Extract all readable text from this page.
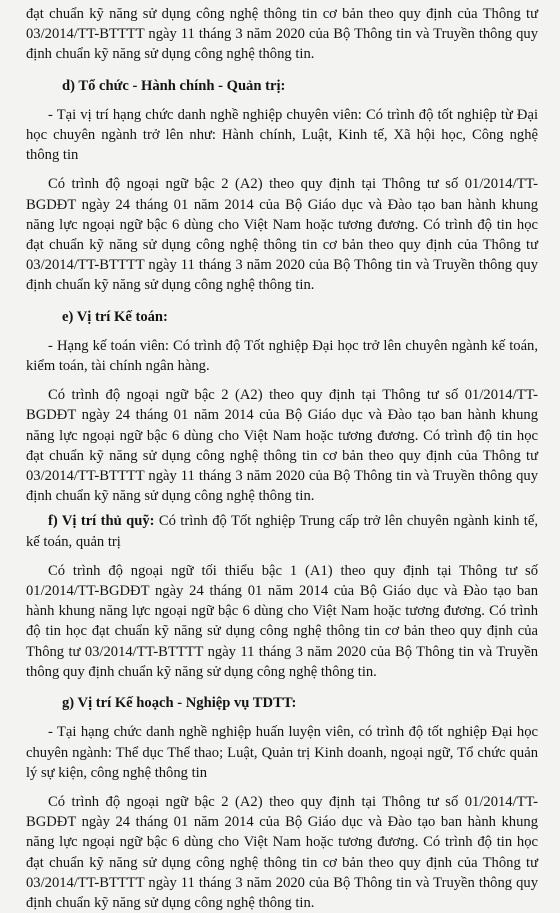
đạt chuẩn kỹ năng sử dụng công nghệ thông tin cơ bản theo quy định của Thông tư 03/2014/TT-BTTTT ngày 11 tháng 3 năm 2020 của Bộ Thông tin và Truyền thông quy định chuẩn kỹ năng sử dụng công nghệ thông tin.

d) Tổ chức - Hành chính - Quản trị:

- Tại vị trí hạng chức danh nghề nghiệp chuyên viên: Có trình độ tốt nghiệp từ Đại học chuyên ngành trở lên như: Hành chính, Luật, Kinh tế, Xã hội học, Công nghệ thông tin

Có trình độ ngoại ngữ bậc 2 (A2) theo quy định tại Thông tư số 01/2014/TT-BGDĐT ngày 24 tháng 01 năm 2014 của Bộ Giáo dục và Đào tạo ban hành khung năng lực ngoại ngữ bậc 6 dùng cho Việt Nam hoặc tương đương. Có trình độ tin học đạt chuẩn kỹ năng sử dụng công nghệ thông tin cơ bản theo quy định của Thông tư 03/2014/TT-BTTTT ngày 11 tháng 3 năm 2020 của Bộ Thông tin và Truyền thông quy định chuẩn kỹ năng sử dụng công nghệ thông tin.

e) Vị trí Kế toán:

- Hạng kế toán viên: Có trình độ Tốt nghiệp Đại học trở lên chuyên ngành kế toán, kiểm toán, tài chính ngân hàng.

Có trình độ ngoại ngữ bậc 2 (A2) theo quy định tại Thông tư số 01/2014/TT-BGDĐT ngày 24 tháng 01 năm 2014 của Bộ Giáo dục và Đào tạo ban hành khung năng lực ngoại ngữ bậc 6 dùng cho Việt Nam hoặc tương đương. Có trình độ tin học đạt chuẩn kỹ năng sử dụng công nghệ thông tin cơ bản theo quy định của Thông tư 03/2014/TT-BTTTT ngày 11 tháng 3 năm 2020 của Bộ Thông tin và Truyền thông quy định chuẩn kỹ năng sử dụng công nghệ thông tin.

f) Vị trí thủ quỹ: Có trình độ Tốt nghiệp Trung cấp trở lên chuyên ngành kinh tế, kế toán, quản trị

Có trình độ ngoại ngữ tối thiểu bậc 1 (A1) theo quy định tại Thông tư số 01/2014/TT-BGDĐT ngày 24 tháng 01 năm 2014 của Bộ Giáo dục và Đào tạo ban hành khung năng lực ngoại ngữ bậc 6 dùng cho Việt Nam hoặc tương đương. Có trình độ tin học đạt chuẩn kỹ năng sử dụng công nghệ thông tin cơ bản theo quy định của Thông tư 03/2014/TT-BTTTT ngày 11 tháng 3 năm 2020 của Bộ Thông tin và Truyền thông quy định chuẩn kỹ năng sử dụng công nghệ thông tin.

g) Vị trí Kế hoạch - Nghiệp vụ TDTT:

- Tại hạng chức danh nghề nghiệp huấn luyện viên, có trình độ tốt nghiệp Đại học chuyên ngành: Thể dục Thể thao; Luật, Quản trị Kinh doanh, ngoại ngữ, Tổ chức quản lý sự kiện, công nghệ thông tin

Có trình độ ngoại ngữ bậc 2 (A2) theo quy định tại Thông tư số 01/2014/TT-BGDĐT ngày 24 tháng 01 năm 2014 của Bộ Giáo dục và Đào tạo ban hành khung năng lực ngoại ngữ bậc 6 dùng cho Việt Nam hoặc tương đương. Có trình độ tin học đạt chuẩn kỹ năng sử dụng công nghệ thông tin cơ bản theo quy định của Thông tư 03/2014/TT-BTTTT ngày 11 tháng 3 năm 2020 của Bộ Thông tin và Truyền thông quy định chuẩn kỹ năng sử dụng công nghệ thông tin.
